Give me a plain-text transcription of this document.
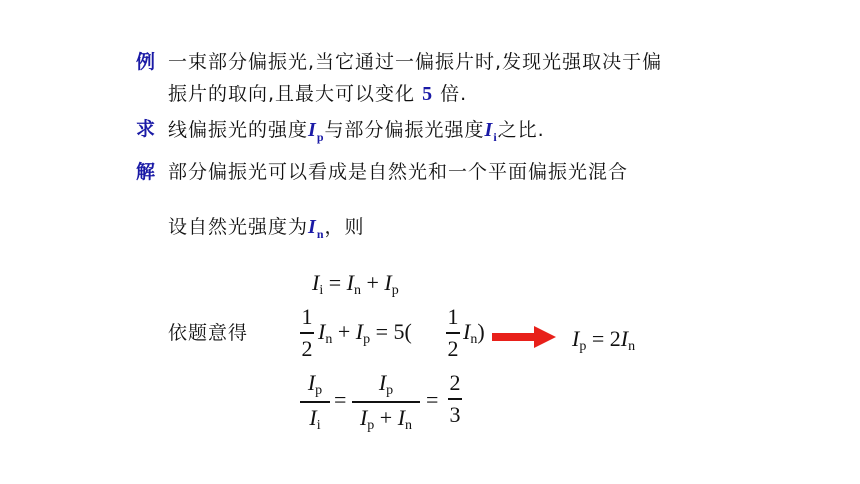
例 一束部分偏振光,当它通过一偏振片时,发现光强取决于偏
振片的取向,且最大可以变化 5 倍.
求 线偏振光的强度$I_p$与部分偏振光强度$I_i$之比.
解 部分偏振光可以看成是自然光和一个平面偏振光混合
设自然光强度为$I_n$，则
$I_i = I_n + I_p$
依题意得
1
2
$I_n + I_p = 5$(
1
2
$I_n$)	$I_p = 2I_n$
$I_p$
$I_i$
=
$I_p$
$I_p + I_n$
=
2
3
